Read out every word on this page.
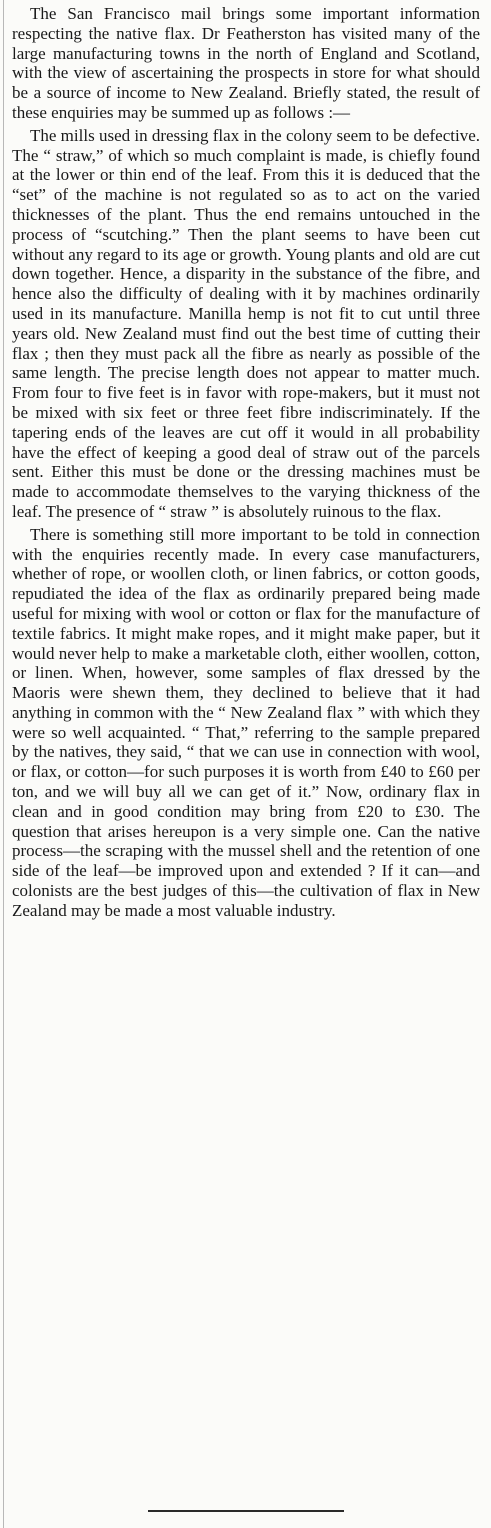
The San Francisco mail brings some important information respecting the native flax. Dr Featherston has visited many of the large manufacturing towns in the north of England and Scotland, with the view of ascertaining the prospects in store for what should be a source of income to New Zealand. Briefly stated, the result of these enquiries may be summed up as follows :—

The mills used in dressing flax in the colony seem to be defective. The “ straw,” of which so much complaint is made, is chiefly found at the lower or thin end of the leaf. From this it is deduced that the “set” of the machine is not regulated so as to act on the varied thicknesses of the plant. Thus the end remains untouched in the process of “scutching.” Then the plant seems to have been cut without any regard to its age or growth. Young plants and old are cut down together. Hence, a disparity in the substance of the fibre, and hence also the difficulty of dealing with it by machines ordinarily used in its manufacture. Manilla hemp is not fit to cut until three years old. New Zealand must find out the best time of cutting their flax ; then they must pack all the fibre as nearly as possible of the same length. The precise length does not appear to matter much. From four to five feet is in favor with rope-makers, but it must not be mixed with six feet or three feet fibre indiscriminately. If the tapering ends of the leaves are cut off it would in all probability have the effect of keeping a good deal of straw out of the parcels sent. Either this must be done or the dressing machines must be made to accommodate themselves to the varying thickness of the leaf. The presence of “ straw ” is absolutely ruinous to the flax.

There is something still more important to be told in connection with the enquiries recently made. In every case manufacturers, whether of rope, or woollen cloth, or linen fabrics, or cotton goods, repudiated the idea of the flax as ordinarily prepared being made useful for mixing with wool or cotton or flax for the manufacture of textile fabrics. It might make ropes, and it might make paper, but it would never help to make a marketable cloth, either woollen, cotton, or linen. When, however, some samples of flax dressed by the Maoris were shewn them, they declined to believe that it had anything in common with the “ New Zealand flax ” with which they were so well acquainted. “ That,” referring to the sample prepared by the natives, they said, “ that we can use in connection with wool, or flax, or cotton—for such purposes it is worth from £40 to £60 per ton, and we will buy all we can get of it.” Now, ordinary flax in clean and in good condition may bring from £20 to £30. The question that arises hereupon is a very simple one. Can the native process—the scraping with the mussel shell and the retention of one side of the leaf—be improved upon and extended ? If it can—and colonists are the best judges of this—the cultivation of flax in New Zealand may be made a most valuable industry.
